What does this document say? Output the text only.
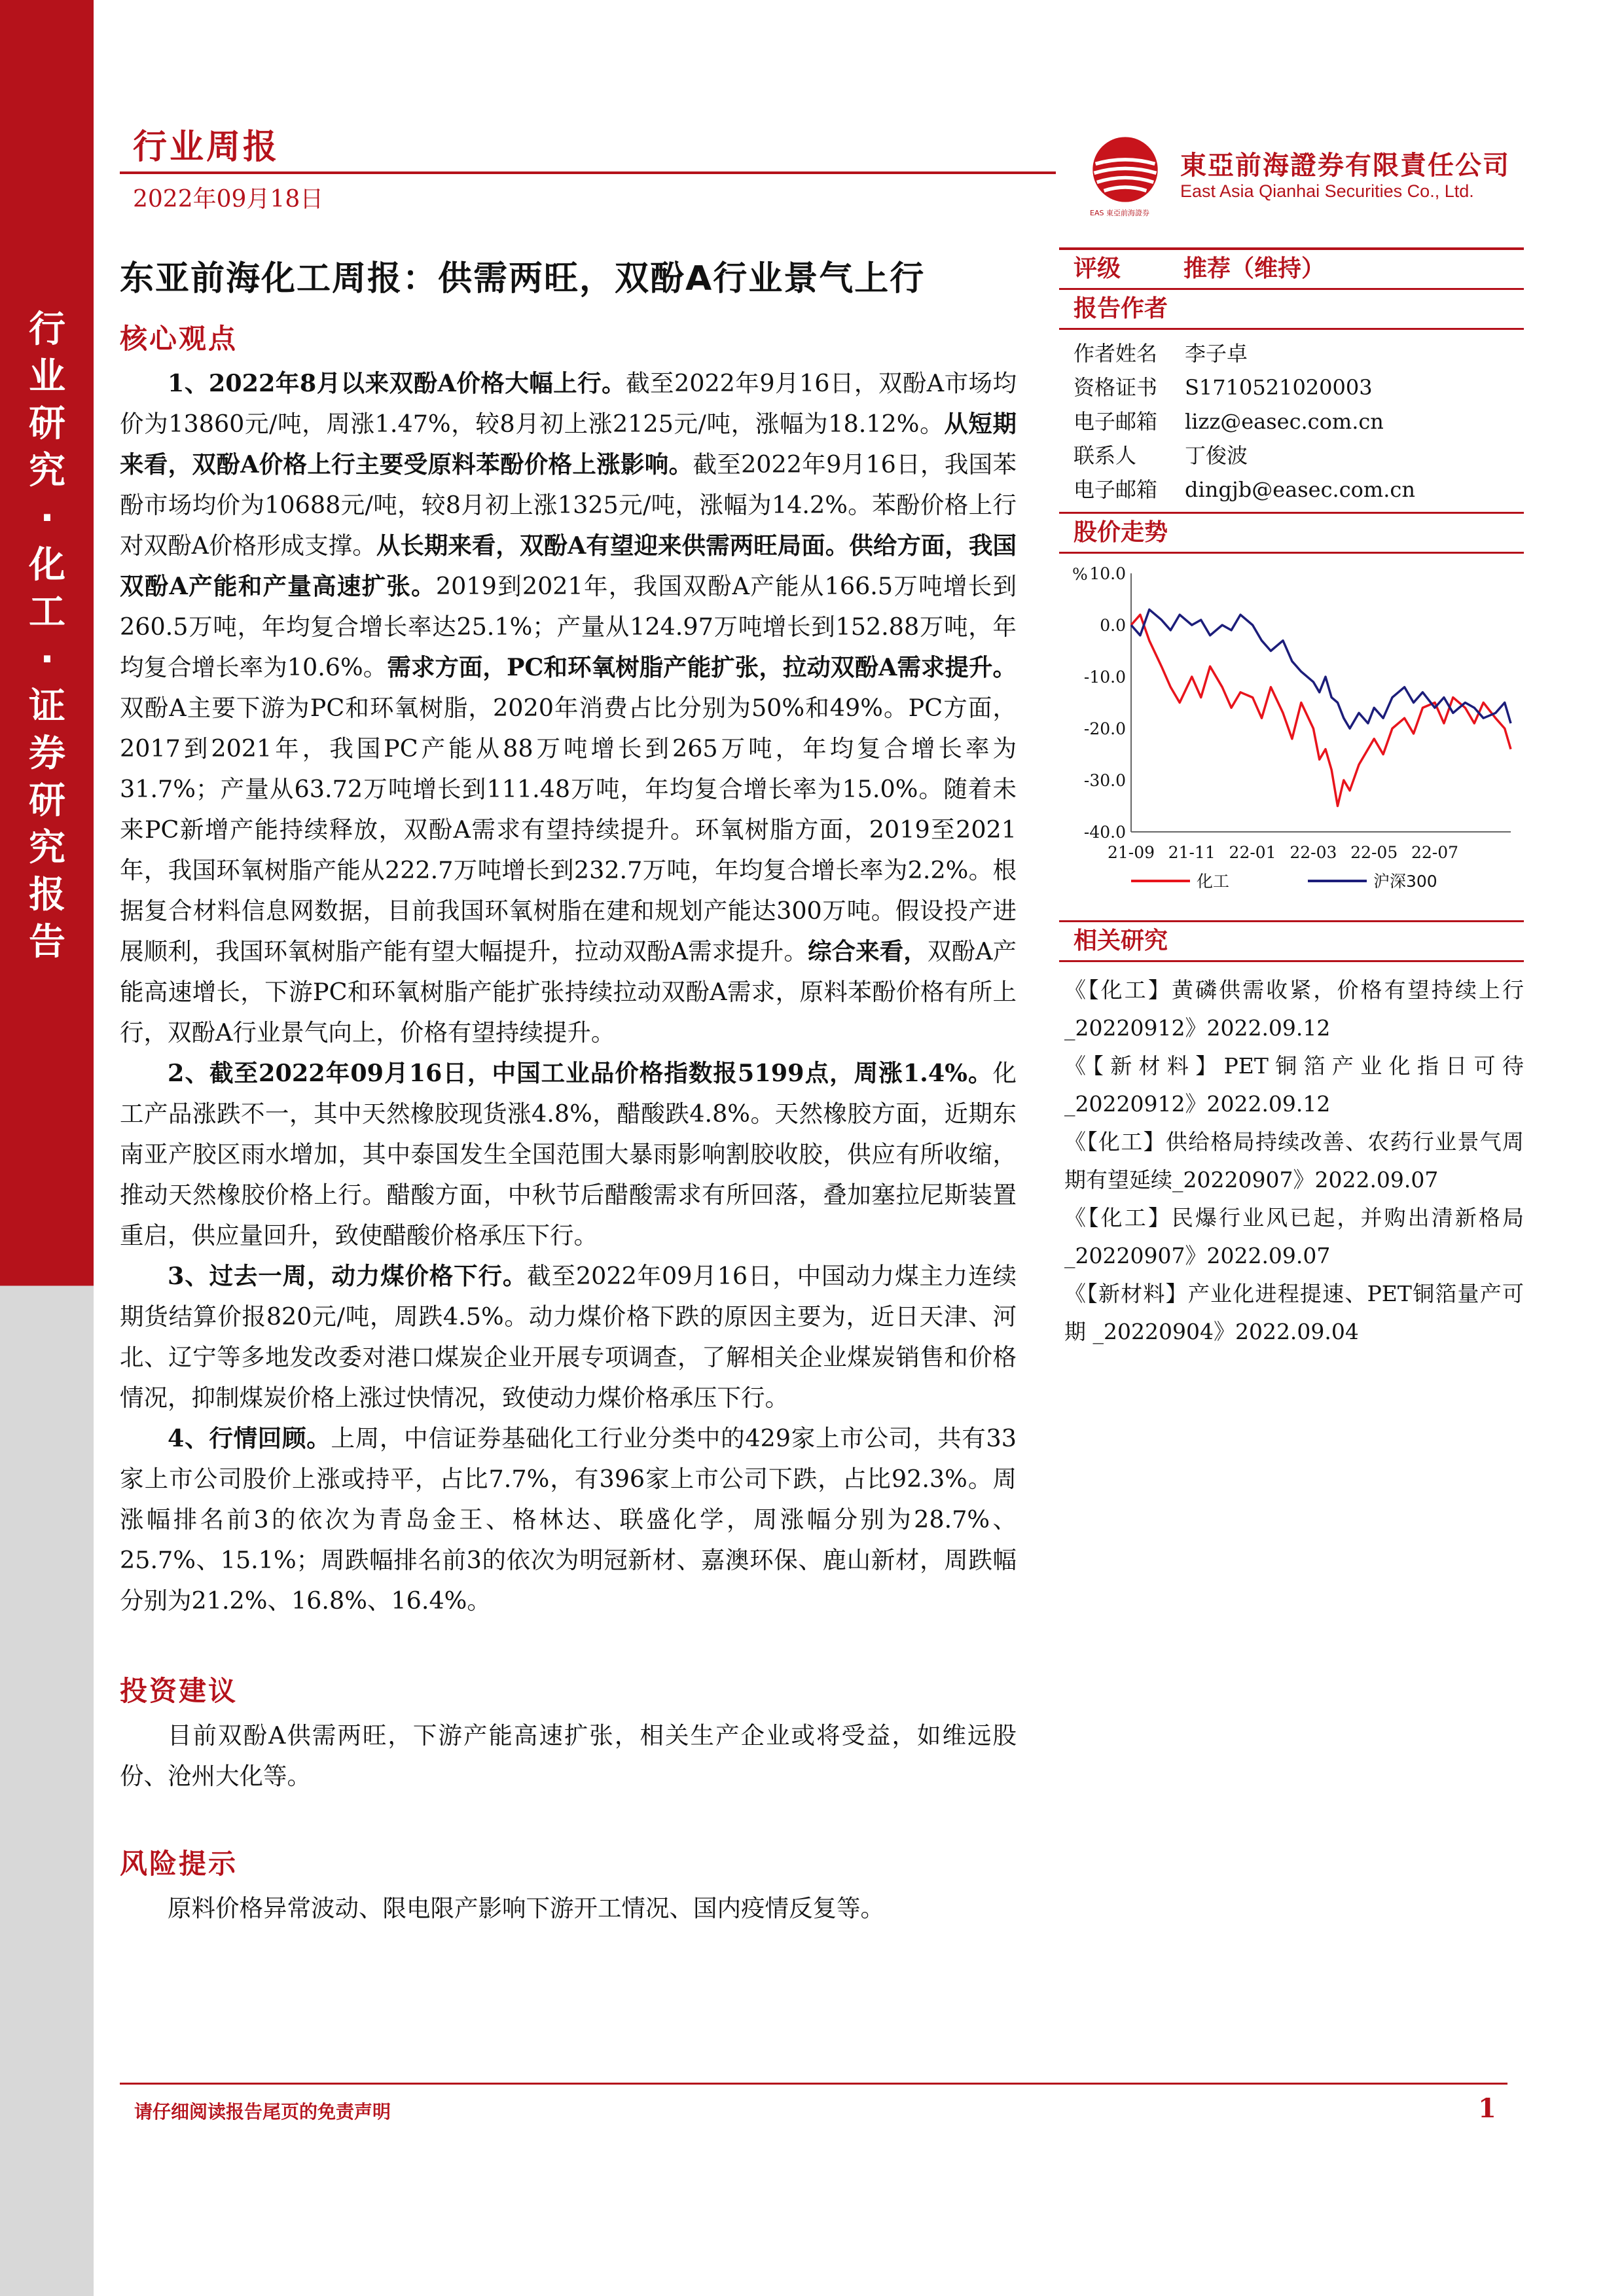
行业研究·化工·证券研究报告
行业周报
2022年09月18日
東亞前海證券有限責任公司
East Asia Qianhai Securities Co., Ltd.
EAS 東亞前海證券
东亚前海化工周报：供需两旺，双酚A行业景气上行
核心观点

1、2022年8月以来双酚A价格大幅上行。截至2022年9月16日，双酚A市场均价为13860元/吨，周涨1.47%，较8月初上涨2125元/吨，涨幅为18.12%。从短期来看，双酚A价格上行主要受原料苯酚价格上涨影响。截至2022年9月16日，我国苯酚市场均价为10688元/吨，较8月初上涨1325元/吨，涨幅为14.2%。苯酚价格上行对双酚A价格形成支撑。从长期来看，双酚A有望迎来供需两旺局面。供给方面，我国双酚A产能和产量高速扩张。2019到2021年，我国双酚A产能从166.5万吨增长到260.5万吨，年均复合增长率达25.1%；产量从124.97万吨增长到152.88万吨，年均复合增长率为10.6%。需求方面，PC和环氧树脂产能扩张，拉动双酚A需求提升。双酚A主要下游为PC和环氧树脂，2020年消费占比分别为50%和49%。PC方面，2017到2021年，我国PC产能从88万吨增长到265万吨，年均复合增长率为31.7%；产量从63.72万吨增长到111.48万吨，年均复合增长率为15.0%。随着未来PC新增产能持续释放，双酚A需求有望持续提升。环氧树脂方面，2019至2021年，我国环氧树脂产能从222.7万吨增长到232.7万吨，年均复合增长率为2.2%。根据复合材料信息网数据，目前我国环氧树脂在建和规划产能达300万吨。假设投产进展顺利，我国环氧树脂产能有望大幅提升，拉动双酚A需求提升。综合来看，双酚A产能高速增长，下游PC和环氧树脂产能扩张持续拉动双酚A需求，原料苯酚价格有所上行，双酚A行业景气向上，价格有望持续提升。

2、截至2022年09月16日，中国工业品价格指数报5199点，周涨1.4%。化工产品涨跌不一，其中天然橡胶现货涨4.8%，醋酸跌4.8%。天然橡胶方面，近期东南亚产胶区雨水增加，其中泰国发生全国范围大暴雨影响割胶收胶，供应有所收缩，推动天然橡胶价格上行。醋酸方面，中秋节后醋酸需求有所回落，叠加塞拉尼斯装置重启，供应量回升，致使醋酸价格承压下行。

3、过去一周，动力煤价格下行。截至2022年09月16日，中国动力煤主力连续期货结算价报820元/吨，周跌4.5%。动力煤价格下跌的原因主要为，近日天津、河北、辽宁等多地发改委对港口煤炭企业开展专项调查，了解相关企业煤炭销售和价格情况，抑制煤炭价格上涨过快情况，致使动力煤价格承压下行。

4、行情回顾。上周，中信证券基础化工行业分类中的429家上市公司，共有33家上市公司股价上涨或持平，占比7.7%，有396家上市公司下跌，占比92.3%。周涨幅排名前3的依次为青岛金王、格林达、联盛化学，周涨幅分别为28.7%、25.7%、15.1%；周跌幅排名前3的依次为明冠新材、嘉澳环保、鹿山新材，周跌幅分别为21.2%、16.8%、16.4%。

投资建议

目前双酚A供需两旺，下游产能高速扩张，相关生产企业或将受益，如维远股份、沧州大化等。

风险提示

原料价格异常波动、限电限产影响下游开工情况、国内疫情反复等。

评级	推荐（维持）
报告作者
作者姓名	李子卓
资格证书	S1710521020003
电子邮箱	lizz@easec.com.cn
联系人	丁俊波
电子邮箱	dingjb@easec.com.cn
股价走势
% 10.0
0.0
-10.0
-20.0
-30.0
-40.0
21-09 21-11 22-01 22-03 22-05 22-07
化工	沪深300
相关研究
《【化工】黄磷供需收紧，价格有望持续上行_20220912》2022.09.12
《【新材料】PET铜箔产业化指日可待_20220912》2022.09.12
《【化工】供给格局持续改善、农药行业景气周期有望延续_20220907》2022.09.07
《【化工】民爆行业风已起，并购出清新格局_20220907》2022.09.07
《【新材料】产业化进程提速、PET铜箔量产可期 _20220904》2022.09.04
请仔细阅读报告尾页的免责声明	1
